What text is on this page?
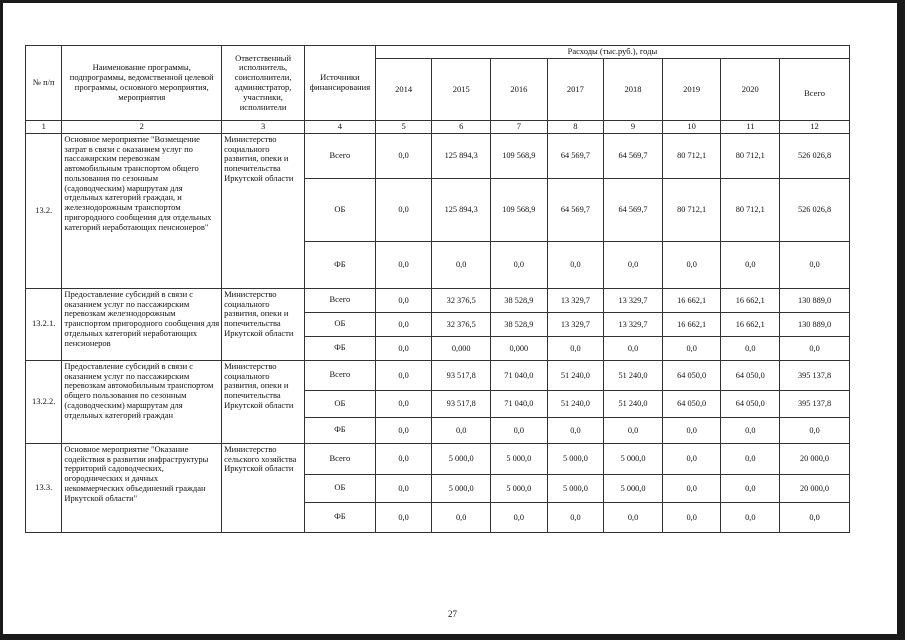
№ п/п	Наименование программы, подпрограммы, ведомственной целевой программы, основного мероприятия, мероприятия	Ответственный исполнитель, соисполнители, администратор, участники, исполнители	Источники финансирования	Расходы (тыс.руб.), годы							
				2014	2015	2016	2017	2018	2019	2020	Всего
1	2	3	4	5	6	7	8	9	10	11	12
13.2.	Основное мероприятие "Возмещение затрат в связи с оказанием услуг по пассажирским перевозкам автомобильным транспортом общего пользования по сезонным (садоводческим) маршрутам для отдельных категорий граждан, и железнодорожным транспортом пригородного сообщения для отдельных категорий неработающих пенсионеров"	Министерство социального развития, опеки и попечительства Иркутской области	Всего	0,0	125 894,3	109 568,9	64 569,7	64 569,7	80 712,1	80 712,1	526 026,8
			ОБ	0,0	125 894,3	109 568,9	64 569,7	64 569,7	80 712,1	80 712,1	526 026,8
			ФБ	0,0	0,0	0,0	0,0	0,0	0,0	0,0	0,0
13.2.1.	Предоставление субсидий в связи с оказанием услуг по пассажирским перевозкам железнодорожным транспортом пригородного сообщения для отдельных категорий неработающих пенсионеров	Министерство социального развития, опеки и попечительства Иркутской области	Всего	0,0	32 376,5	38 528,9	13 329,7	13 329,7	16 662,1	16 662,1	130 889,0
			ОБ	0,0	32 376,5	38 528,9	13 329,7	13 329,7	16 662,1	16 662,1	130 889,0
			ФБ	0,0	0,000	0,000	0,0	0,0	0,0	0,0	0,0
13.2.2.	Предоставление субсидий в связи с оказанием услуг по пассажирским перевозкам автомобильным транспортом общего пользования по сезонным (садоводческим) маршрутам для отдельных категорий граждан	Министерство социального развития, опеки и попечительства Иркутской области	Всего	0,0	93 517,8	71 040,0	51 240,0	51 240,0	64 050,0	64 050,0	395 137,8
			ОБ	0,0	93 517,8	71 040,0	51 240,0	51 240,0	64 050,0	64 050,0	395 137,8
			ФБ	0,0	0,0	0,0	0,0	0,0	0,0	0,0	0,0
13.3.	Основное мероприятие "Оказание содействия в развитии инфраструктуры территорий садоводческих, огороднических и дачных некоммерческих объединений граждан Иркутской области"	Министерство сельского хозяйства Иркутской области	Всего	0,0	5 000,0	5 000,0	5 000,0	5 000,0	0,0	0,0	20 000,0
			ОБ	0,0	5 000,0	5 000,0	5 000,0	5 000,0	0,0	0,0	20 000,0
			ФБ	0,0	0,0	0,0	0,0	0,0	0,0	0,0	0,0
27
